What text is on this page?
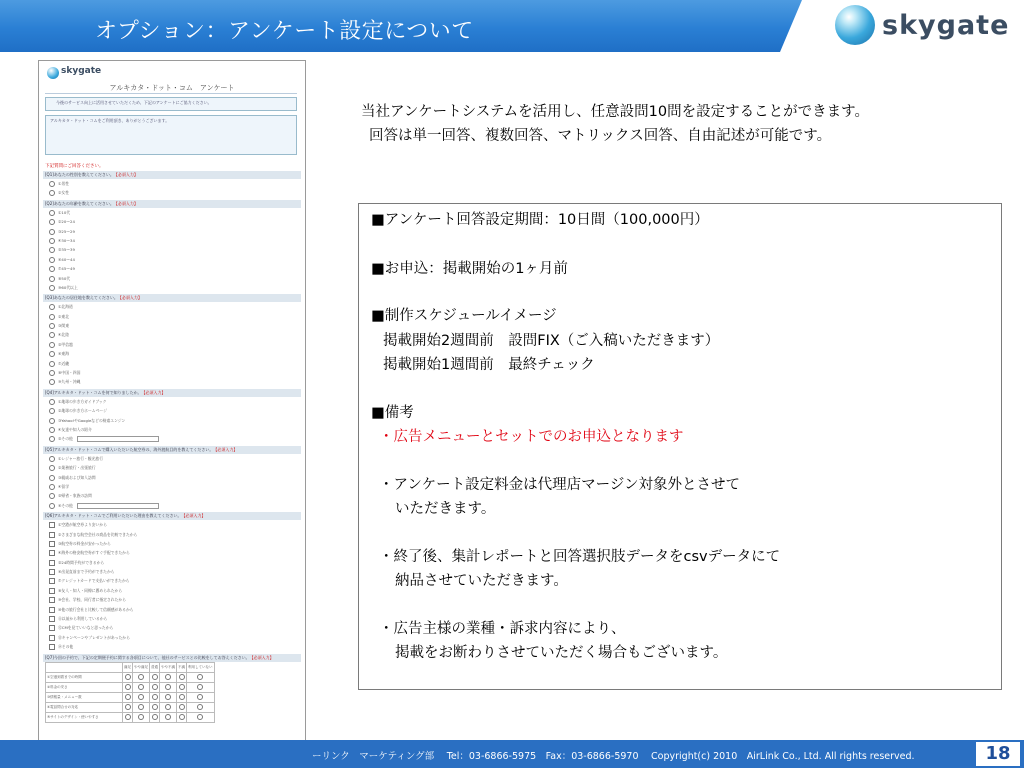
オプション：アンケート設定について	skygate
skygate
アルキカタ・ドット・コム　アンケート
今後のサービス向上に活用させていただくため、下記のアンケートにご協力ください。
アルキカタ・ドット・コムをご利用頂き、ありがとうございます。
下記質問にご回答ください。
[Q1]あなたの性別を教えてください。【必須入力】
①男性
②女性
[Q2]あなたの年齢を教えてください。【必須入力】
①10代
②20〜24
③25〜29
④30〜34
⑤35〜39
⑥40〜44
⑦45〜49
⑧50代
⑨60代以上
[Q3]あなたの居住地を教えてください。【必須入力】
①北海道
②東北
③関東
④北陸
⑤甲信越
⑥東海
⑦近畿
⑧中国・四国
⑨九州・沖縄
[Q4]アルキカタ・ドット・コムを何で知りましたか。【必須入力】
①地球の歩き方ガイドブック
②地球の歩き方ホームページ
③Yahoo!やGoogleなどの検索エンジン
④友達や知人の紹介
⑤その他
[Q5]アルキカタ・ドット・コムで購入いただいた航空券の、海外渡航目的を教えてください。【必須入力】
①レジャー旅行・観光旅行
②業務旅行・出張旅行
③親戚および知人訪問
④留学
⑤帰省・家族の訪問
⑥その他
[Q6]アルキカタ・ドット・コムでご利用いただいた理由を教えてください。【必須入力】
①空港が航空券より安いから
②さまざまな航空会社の商品を比較できたから
③航空券の料金が安かったから
④海外の格安航空券がすぐ手配できたから
⑤24時間予約ができるから
⑥出発直前まで予約ができたから
⑦クレジットカードで支払いができたから
⑧友人・知人・同僚に薦められたから
⑨会社、学校、同行者に指定されたから
⑩他の旅行会社と比較して信頼感があるから
⑪以前から利用しているから
⑫CMを見ていいなと思ったから
⑬キャンペーンやプレゼントがあったから
⑭その他
[Q7]今回の予約で、下記の定期便予約に関する各項目について、他社のサービスとの比較をしてお答えください。【必須入力】
	満足	やや満足	普通	やや不満	不満	利用していない
①空港到着までの時間						
②料金の安さ						
③情報量・メニュー数						
④電話問合せの対応						
⑤サイトのデザイン・使いやすさ						
当社アンケートシステムを活用し、任意設問10問を設定することができます。
回答は単一回答、複数回答、マトリックス回答、自由記述が可能です。
■アンケート回答設定期間：10日間（100,000円）
■お申込：掲載開始の1ヶ月前
■制作スケジュールイメージ
掲載開始2週間前　設問FIX（ご入稿いただきます）
掲載開始1週間前　最終チェック
■備考
・広告メニューとセットでのお申込となります
・アンケート設定料金は代理店マージン対象外とさせて
いただきます。
・終了後、集計レポートと回答選択肢データをcsvデータにて
納品させていただきます。
・広告主様の業種・訴求内容により、
掲載をお断わりさせていただく場合もございます。
ーリンク　マーケティング部　 Tel：03-6866-5975　Fax：03-6866-5970　 Copyright(c) 2010　AirLink Co., Ltd. All rights reserved.	18
